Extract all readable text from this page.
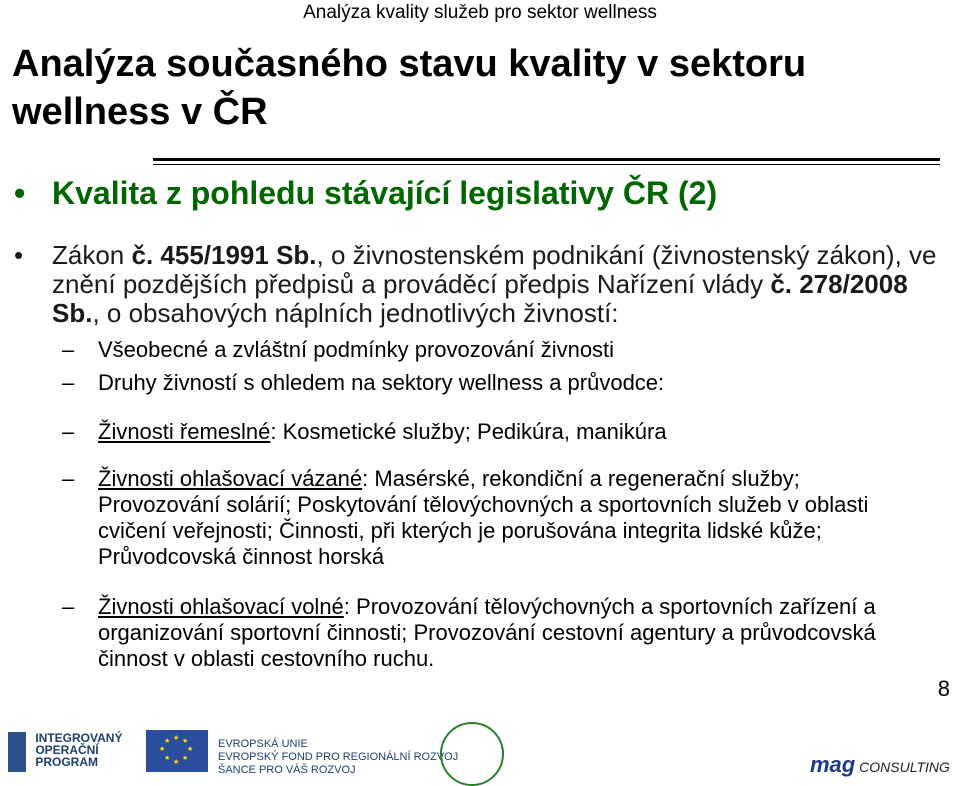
Analýza kvality služeb pro sektor wellness
Analýza současného stavu kvality v sektoru wellness v ČR
• Kvalita z pohledu stávající legislativy ČR (2)
• Zákon č. 455/1991 Sb., o živnostenském podnikání (živnostenský zákon), ve znění pozdějších předpisů a prováděcí předpis Nařízení vlády č. 278/2008 Sb., o obsahových náplních jednotlivých živností:
– Všeobecné a zvláštní podmínky provozování živnosti
– Druhy živností s ohledem na sektory wellness a průvodce:
– Živnosti řemeslné: Kosmetické služby; Pedikúra, manikúra
– Živnosti ohlašovací vázané: Masérské, rekondiční a regenerační služby; Provozování solárií; Poskytování tělovýchovných a sportovních služeb v oblasti cvičení veřejnosti; Činnosti, při kterých je porušována integrita lidské kůže; Průvodcovská činnost horská
– Živnosti ohlašovací volné: Provozování tělovýchovných a sportovních zařízení a organizování sportovní činnosti; Provozování cestovní agentury a průvodcovská činnost v oblasti cestovního ruchu.
8
INTEGROVANÝ
OPERAČNÍ
PROGRAM
★ ★
★
★
★
★
★
★	EVROPSKÁ UNIE
EVROPSKÝ FOND PRO REGIONÁLNÍ ROZVOJ
ŠANCE PRO VÁŠ ROZVOJ	mag CONSULTING
